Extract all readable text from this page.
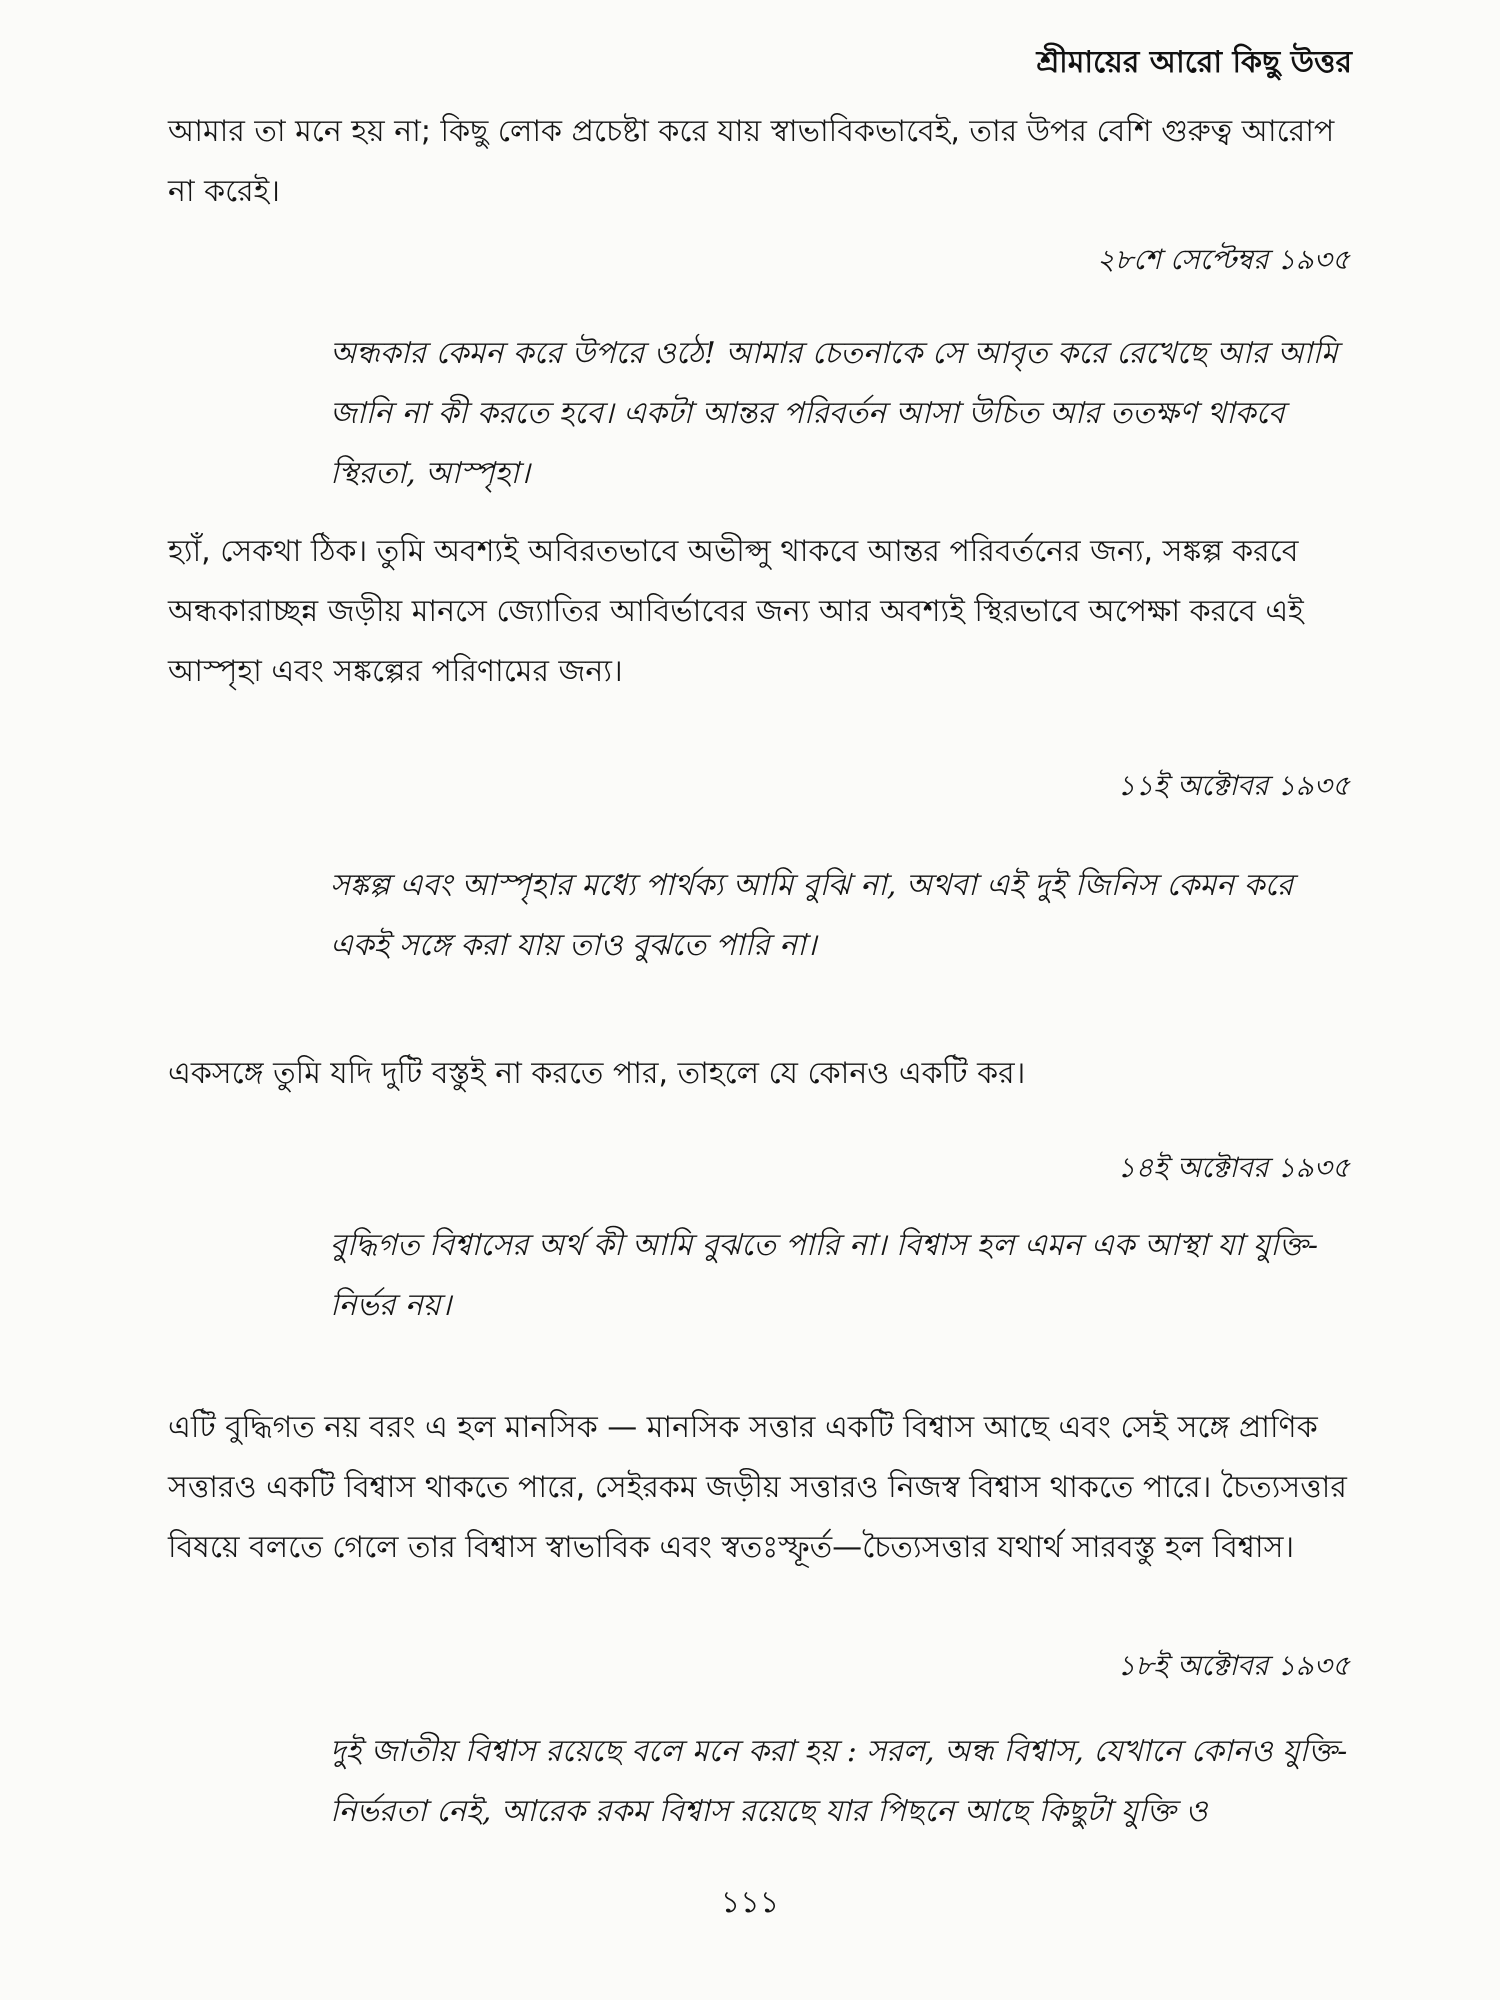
শ্রীমায়ের আরো কিছু উত্তর

আমার তা মনে হয় না; কিছু লোক প্রচেষ্টা করে যায় স্বাভাবিকভাবেই, তার উপর বেশি গুরুত্ব আরোপ না করেই।

২৮শে সেপ্টেম্বর ১৯৩৫

অন্ধকার কেমন করে উপরে ওঠে! আমার চেতনাকে সে আবৃত করে রেখেছে আর আমি জানি না কী করতে হবে। একটা আন্তর পরিবর্তন আসা উচিত আর ততক্ষণ থাকবে স্থিরতা, আস্পৃহা।

হ্যাঁ, সেকথা ঠিক। তুমি অবশ্যই অবিরতভাবে অভীপ্সু থাকবে আন্তর পরিবর্তনের জন্য, সঙ্কল্প করবে অন্ধকারাচ্ছন্ন জড়ীয় মানসে জ্যোতির আবির্ভাবের জন্য আর অবশ্যই স্থিরভাবে অপেক্ষা করবে এই আস্পৃহা এবং সঙ্কল্পের পরিণামের জন্য।

১১ই অক্টোবর ১৯৩৫

সঙ্কল্প এবং আস্পৃহার মধ্যে পার্থক্য আমি বুঝি না, অথবা এই দুই জিনিস কেমন করে একই সঙ্গে করা যায় তাও বুঝতে পারি না।

একসঙ্গে তুমি যদি দুটি বস্তুই না করতে পার, তাহলে যে কোনও একটি কর।

১৪ই অক্টোবর ১৯৩৫

বুদ্ধিগত বিশ্বাসের অর্থ কী আমি বুঝতে পারি না। বিশ্বাস হল এমন এক আস্থা যা যুক্তি-নির্ভর নয়।

এটি বুদ্ধিগত নয় বরং এ হল মানসিক — মানসিক সত্তার একটি বিশ্বাস আছে এবং সেই সঙ্গে প্রাণিক সত্তারও একটি বিশ্বাস থাকতে পারে, সেইরকম জড়ীয় সত্তারও নিজস্ব বিশ্বাস থাকতে পারে। চৈত্যসত্তার বিষয়ে বলতে গেলে তার বিশ্বাস স্বাভাবিক এবং স্বতঃস্ফূর্ত—চৈত্যসত্তার যথার্থ সারবস্তু হল বিশ্বাস।

১৮ই অক্টোবর ১৯৩৫

দুই জাতীয় বিশ্বাস রয়েছে বলে মনে করা হয় : সরল, অন্ধ বিশ্বাস, যেখানে কোনও যুক্তি-নির্ভরতা নেই, আরেক রকম বিশ্বাস রয়েছে যার পিছনে আছে কিছুটা যুক্তি ও

১১১
